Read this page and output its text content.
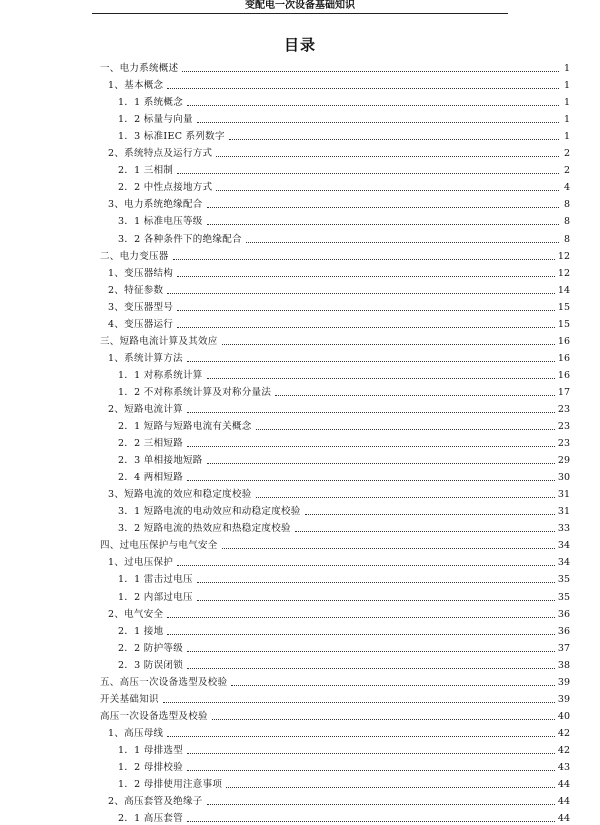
变配电一次设备基础知识
目录
一、电力系统概述	1
1、基本概念	1
1．1 系统概念	1
1．2 标量与向量	1
1．3 标准IEC 系列数字	1
2、系统特点及运行方式	2
2．1 三相制	2
2．2 中性点接地方式	4
3、电力系统绝缘配合	8
3．1 标准电压等级	8
3．2 各种条件下的绝缘配合	8
二、电力变压器	12
1、变压器结构	12
2、特征参数	14
3、变压器型号	15
4、变压器运行	15
三、短路电流计算及其效应	16
1、系统计算方法	16
1．1 对称系统计算	16
1．2 不对称系统计算及对称分量法	17
2、短路电流计算	23
2．1 短路与短路电流有关概念	23
2．2 三相短路	23
2．3 单相接地短路	29
2．4 两相短路	30
3、短路电流的效应和稳定度校验	31
3．1 短路电流的电动效应和动稳定度校验	31
3．2 短路电流的热效应和热稳定度校验	33
四、过电压保护与电气安全	34
1、过电压保护	34
1．1 雷击过电压	35
1．2 内部过电压	35
2、电气安全	36
2．1 接地	36
2．2 防护等级	37
2．3 防误闭锁	38
五、高压一次设备选型及校验	39
开关基础知识	39
高压一次设备选型及校验	40
1、高压母线	42
1．1 母排选型	42
1．2 母排校验	43
1．2 母排使用注意事项	44
2、高压套管及绝缘子	44
2．1 高压套管	44
